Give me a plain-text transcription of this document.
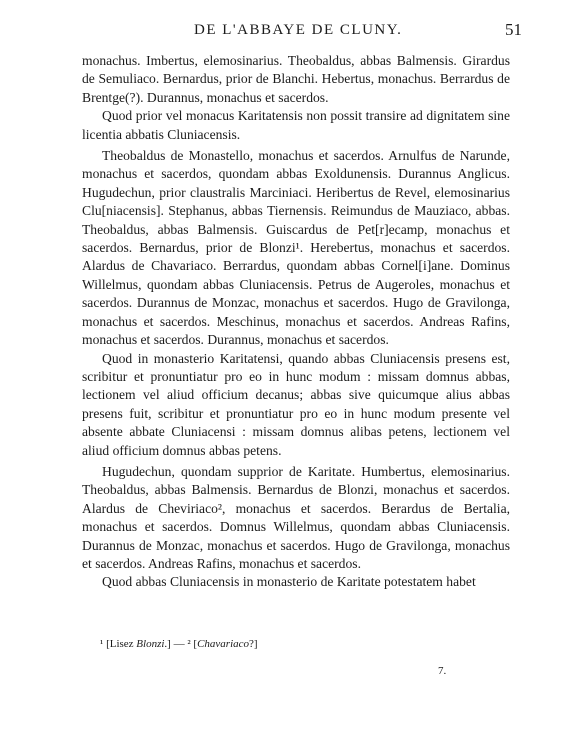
DE L'ABBAYE DE CLUNY.	51

monachus. Imbertus, elemosinarius. Theobaldus, abbas Balmensis. Girardus de Semuliaco. Bernardus, prior de Blanchi. Hebertus, monachus. Berrardus de Brentge(?). Durannus, monachus et sacerdos.

Quod prior vel monacus Karitatensis non possit transire ad dignitatem sine licentia abbatis Cluniacensis.

Theobaldus de Monastello, monachus et sacerdos. Arnulfus de Narunde, monachus et sacerdos, quondam abbas Exoldunensis. Durannus Anglicus. Hugudechun, prior claustralis Marciniaci. Heribertus de Revel, elemosinarius Clu[niacensis]. Stephanus, abbas Tiernensis. Reimundus de Mauziaco, abbas. Theobaldus, abbas Balmensis. Guiscardus de Pet[r]ecamp, monachus et sacerdos. Bernardus, prior de Blonzi¹. Herebertus, monachus et sacerdos. Alardus de Chavariaco. Berrardus, quondam abbas Cornel[i]ane. Dominus Willelmus, quondam abbas Cluniacensis. Petrus de Augeroles, monachus et sacerdos. Durannus de Monzac, monachus et sacerdos. Hugo de Gravilonga, monachus et sacerdos. Meschinus, monachus et sacerdos. Andreas Rafins, monachus et sacerdos. Durannus, monachus et sacerdos.

Quod in monasterio Karitatensi, quando abbas Cluniacensis presens est, scribitur et pronuntiatur pro eo in hunc modum : missam domnus abbas, lectionem vel aliud officium decanus; abbas sive quicumque alius abbas presens fuit, scribitur et pronuntiatur pro eo in hunc modum presente vel absente abbate Cluniacensi : missam domnus alibas petens, lectionem vel aliud officium domnus abbas petens.

Hugudechun, quondam supprior de Karitate. Humbertus, elemosinarius. Theobaldus, abbas Balmensis. Bernardus de Blonzi, monachus et sacerdos. Alardus de Cheviriaco², monachus et sacerdos. Berardus de Bertalia, monachus et sacerdos. Domnus Willelmus, quondam abbas Cluniacensis. Durannus de Monzac, monachus et sacerdos. Hugo de Gravilonga, monachus et sacerdos. Andreas Rafins, monachus et sacerdos.

Quod abbas Cluniacensis in monasterio de Karitate potestatem habet

¹ [Lisez Blonzi.] — ² [Chavariaco?]
7.
